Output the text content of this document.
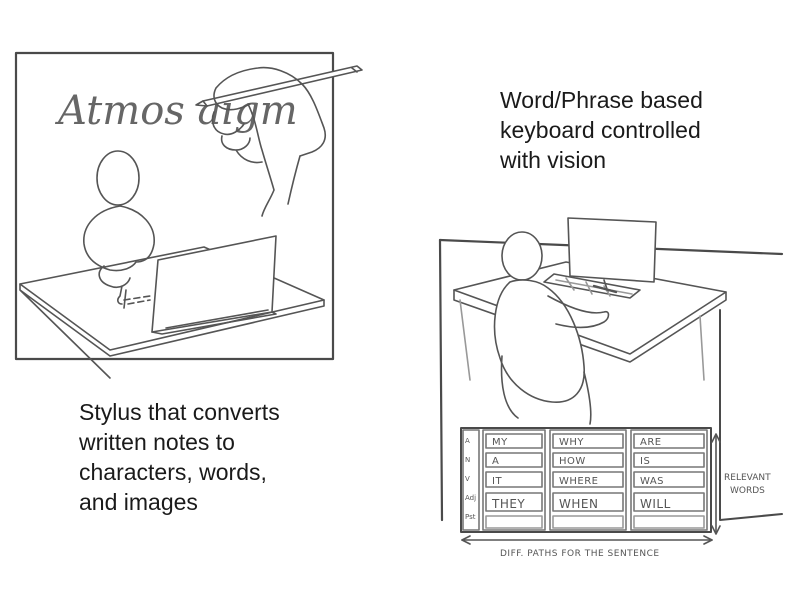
Atmos aigm
A
N
V
Adj
Pst
MY
A
IT
THEY
WHY
HOW
WHERE
WHEN
ARE
IS
WAS
WILL
RELEVANT
WORDS
DIFF. PATHS FOR THE SENTENCE

Word/Phrase based
keyboard controlled
with vision

Stylus that converts
written notes to
characters, words,
and images
